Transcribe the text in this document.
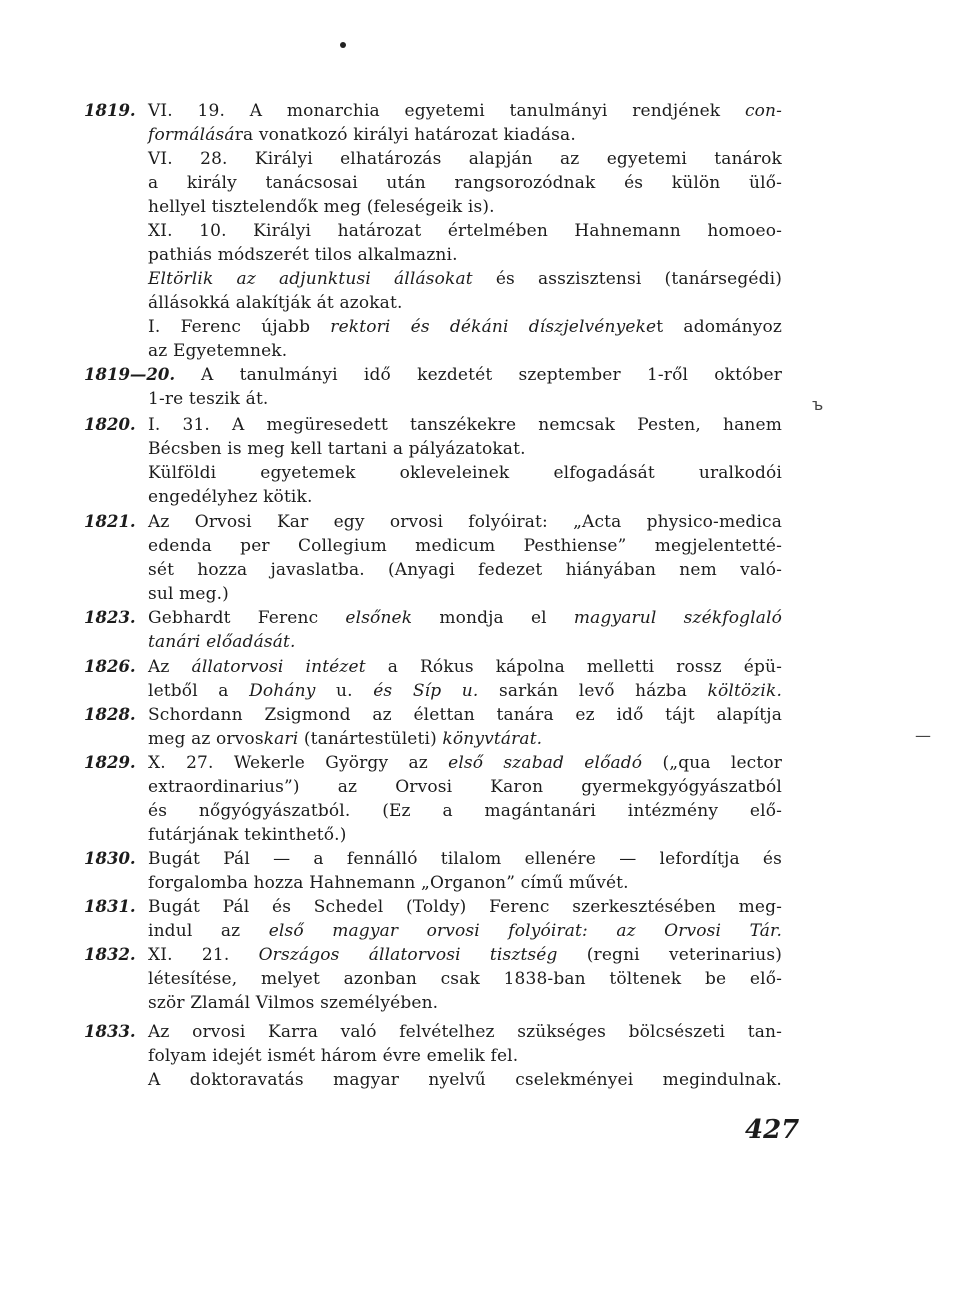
ъ
—
1819. VI. 19. A monarchia egyetemi tanulmányi rendjének con-
formálására vonatkozó királyi határozat kiadása.
VI. 28. Királyi elhatározás alapján az egyetemi tanárok
a király tanácsosai után rangsorozódnak és külön ülő-
hellyel tisztelendők meg (feleségeik is).
XI. 10. Királyi határozat értelmében Hahnemann homoeo-
pathiás módszerét tilos alkalmazni.
Eltörlik az adjunktusi állásokat és asszisztensi (tanársegédi)
állásokká alakítják át azokat.
I. Ferenc újabb rektori és dékáni díszjelvényeket adományoz
az Egyetemnek.
1819—20. A tanulmányi idő kezdetét szeptember 1-ről október
1-re teszik át.
1820. I. 31. A megüresedett tanszékekre nemcsak Pesten, hanem
Bécsben is meg kell tartani a pályázatokat.
Külföldi egyetemek okleveleinek elfogadását uralkodói
engedélyhez kötik.
1821. Az Orvosi Kar egy orvosi folyóirat: „Acta physico-medica
edenda per Collegium medicum Pesthiense” megjelentetté-
sét hozza javaslatba. (Anyagi fedezet hiányában nem való-
sul meg.)
1823. Gebhardt Ferenc elsőnek mondja el magyarul székfoglaló
tanári előadását.
1826. Az állatorvosi intézet a Rókus kápolna melletti rossz épü-
letből a Dohány u. és Síp u. sarkán levő házba költözik.
1828. Schordann Zsigmond az élettan tanára ez idő tájt alapítja
meg az orvoskari (tanártestületi) könyvtárat.
1829. X. 27. Wekerle György az első szabad előadó („qua lector
extraordinarius”) az Orvosi Karon gyermekgyógyászatból
és nőgyógyászatból. (Ez a magántanári intézmény elő-
futárjának tekinthető.)
1830. Bugát Pál — a fennálló tilalom ellenére — lefordítja és
forgalomba hozza Hahnemann „Organon” című művét.
1831. Bugát Pál és Schedel (Toldy) Ferenc szerkesztésében meg-
indul az első magyar orvosi folyóirat: az Orvosi Tár.
1832. XI. 21. Országos állatorvosi tisztség (regni veterinarius)
létesítése, melyet azonban csak 1838-ban töltenek be elő-
ször Zlamál Vilmos személyében.
1833. Az orvosi Karra való felvételhez szükséges bölcsészeti tan-
folyam idejét ismét három évre emelik fel.
A doktoravatás magyar nyelvű cselekményei megindulnak.
427
